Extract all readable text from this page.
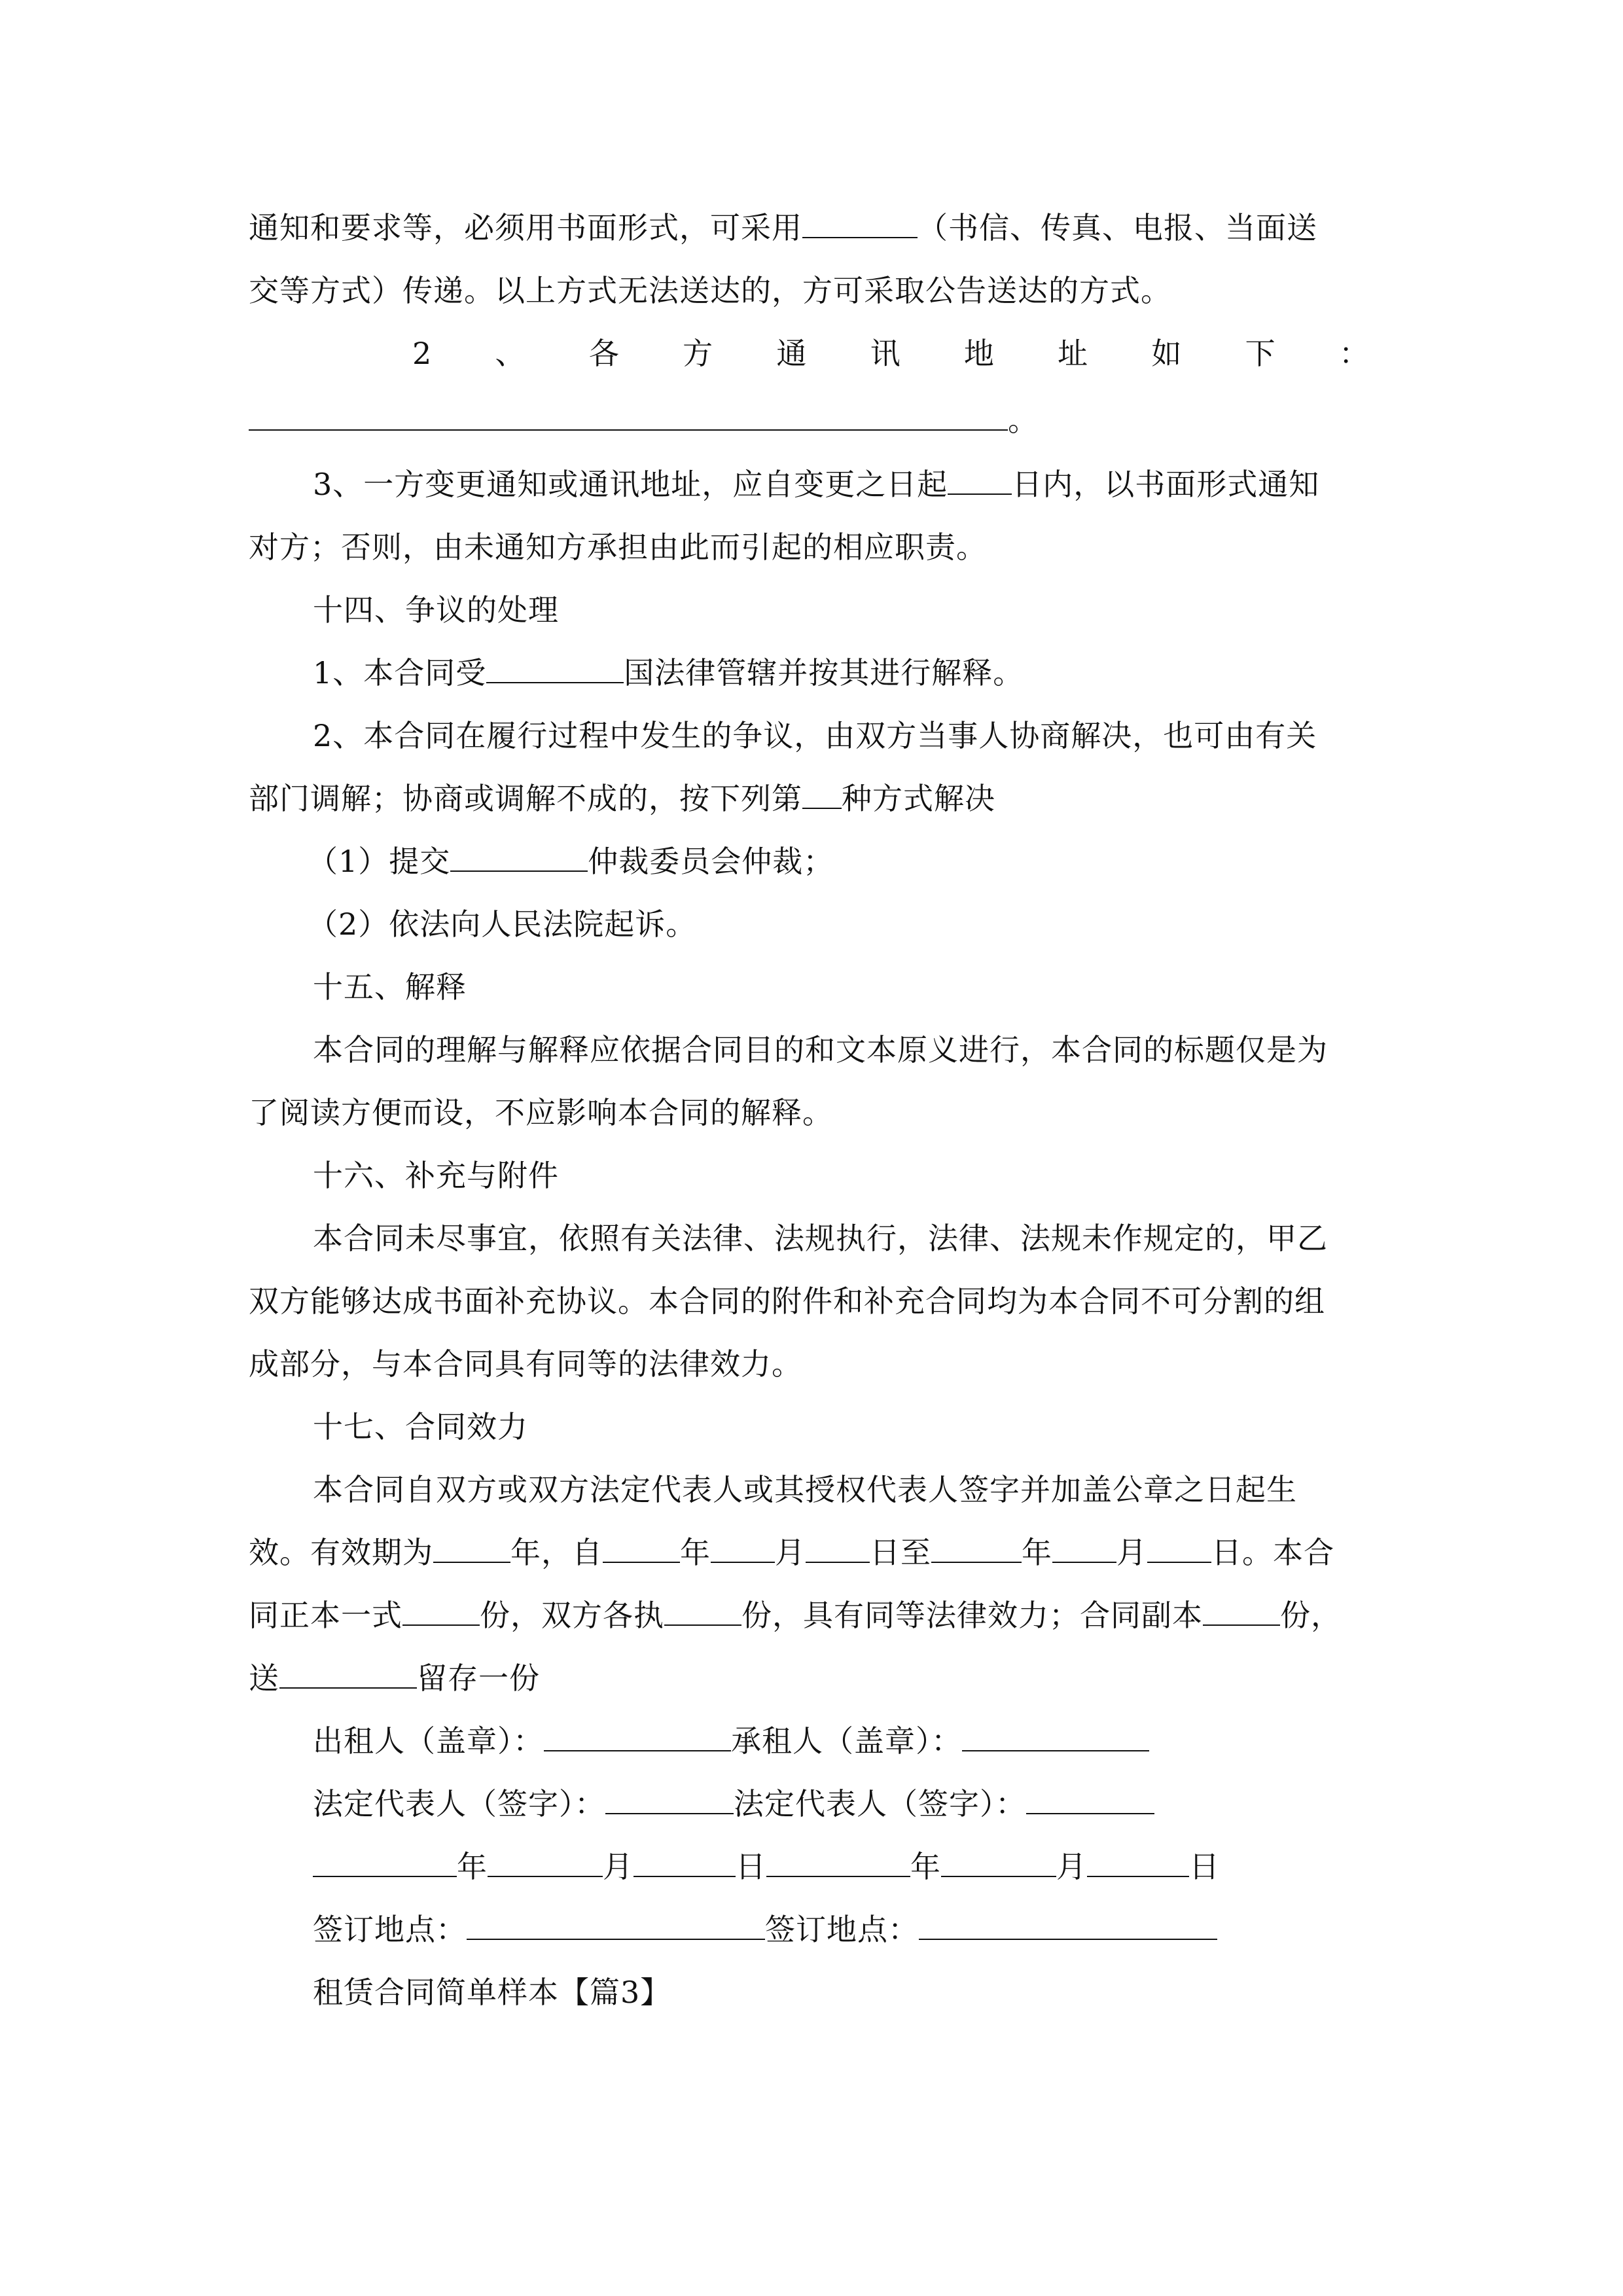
通知和要求等，必须用书面形式，可采用	（书信、传真、电报、当面送
交等方式）传递。以上方式无法送达的，方可采取公告送达的方式。
2 、 各 方 通 讯 地 址 如 下 ：
。
3、一方变更通知或通讯地址，应自变更之日起 日内，以书面形式通知
对方；否则，由未通知方承担由此而引起的相应职责。
十四、争议的处理
1、本合同受	国法律管辖并按其进行解释。
2、本合同在履行过程中发生的争议，由双方当事人协商解决，也可由有关
部门调解；协商或调解不成的，按下列第 种方式解决
（1）提交	仲裁委员会仲裁；
（2）依法向人民法院起诉。
十五、解释
本合同的理解与解释应依据合同目的和文本原义进行，本合同的标题仅是为
了阅读方便而设，不应影响本合同的解释。
十六、补充与附件
本合同未尽事宜，依照有关法律、法规执行，法律、法规未作规定的，甲乙
双方能够达成书面补充协议。本合同的附件和补充合同均为本合同不可分割的组
成部分，与本合同具有同等的法律效力。
十七、合同效力
本合同自双方或双方法定代表人或其授权代表人签字并加盖公章之日起生
效。有效期为	年，自	年 月 日至	年 月 日。本合
同正本一式	份，双方各执	份，具有同等法律效力；合同副本	份，
送	留存一份
出租人（盖章）：	承租人（盖章）：
法定代表人（签字）：	法定代表人（签字）：
年	月	日	年	月	日
签订地点：	签订地点：
租赁合同简单样本【篇3】
